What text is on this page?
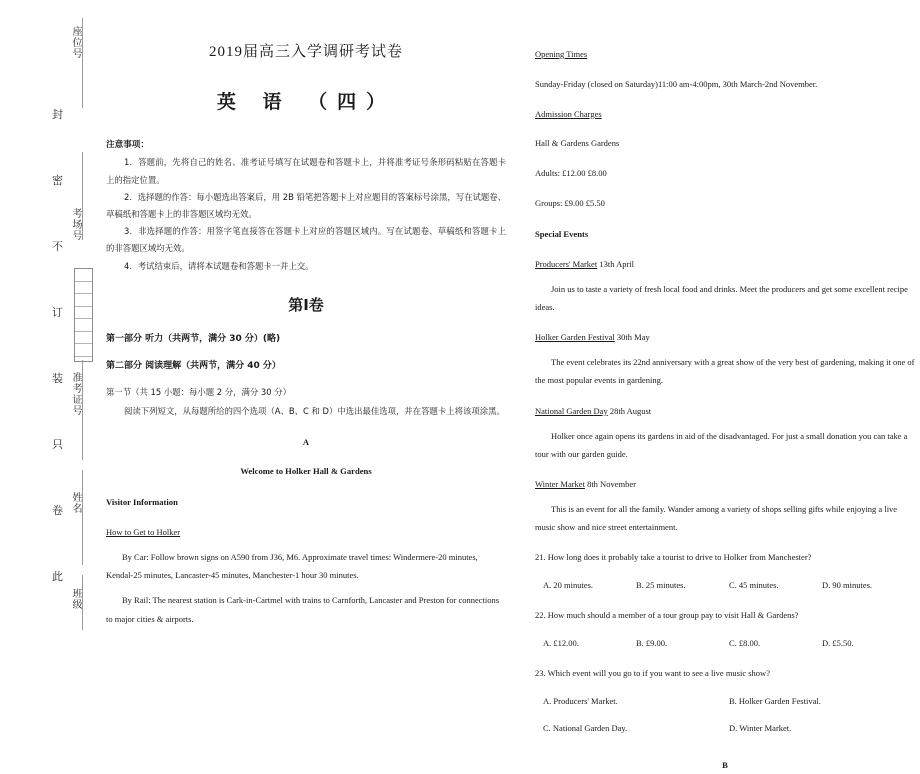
座位号
考场号
准考证号
姓名
班级
封
密
不
订
装
只
卷
此
2019届高三入学调研考试卷
英 语 （四）
注意事项：

1．答题前，先将自己的姓名、准考证号填写在试题卷和答题卡上，并将准考证号条形码粘贴在答题卡上的指定位置。

2．选择题的作答：每小题选出答案后，用 2B 铅笔把答题卡上对应题目的答案标号涂黑，写在试题卷、草稿纸和答题卡上的非答题区域均无效。

3．非选择题的作答：用签字笔直接答在答题卡上对应的答题区域内。写在试题卷、草稿纸和答题卡上的非答题区域均无效。

4．考试结束后，请将本试题卷和答题卡一并上交。

第Ⅰ卷
第一部分 听力（共两节，满分 30 分）(略)
第二部分 阅读理解（共两节，满分 40 分）
第一节（共 15 小题：每小题 2 分，满分 30 分）

阅读下列短文，从每题所给的四个选项（A、B、C 和 D）中选出最佳选项，并在答题卡上将该项涂黑。

A
Welcome to Holker Hall & Gardens
Visitor Information
How to Get to Holker

By Car: Follow brown signs on A590 from J36, M6. Approximate travel times: Windermere-20 minutes, Kendal-25 minutes, Lancaster-45 minutes, Manchester-1 hour 30 minutes.

By Rail: The nearest station is Cark-in-Cartmel with trains to Carnforth, Lancaster and Preston for connections to major cities & airports.

Opening Times
Sunday-Friday (closed on Saturday)11:00 am-4:00pm, 30th March-2nd November.
Admission Charges
Hall & Gardens Gardens
Adults: £12.00 £8.00
Groups: £9.00 £5.50
Special Events
Producers' Market 13th April

Join us to taste a variety of fresh local food and drinks. Meet the producers and get some excellent recipe ideas.

Holker Garden Festival 30th May

The event celebrates its 22nd anniversary with a great show of the very best of gardening, making it one of the most popular events in gardening.

National Garden Day 28th August

Holker once again opens its gardens in aid of the disadvantaged. For just a small donation you can take a tour with our garden guide.

Winter Market 8th November

This is an event for all the family. Wander among a variety of shops selling gifts while enjoying a live music show and nice street entertainment.

21. How long does it probably take a tourist to drive to Holker from Manchester?
A. 20 minutes.	B. 25 minutes.	C. 45 minutes.	D. 90 minutes.
22. How much should a member of a tour group pay to visit Hall & Gardens?
A. £12.00.	B. £9.00.	C. £8.00.	D. £5.50.
23. Which event will you go to if you want to see a live music show?
A. Producers' Market.	B. Holker Garden Festival.
C. National Garden Day.	D. Winter Market.
B
